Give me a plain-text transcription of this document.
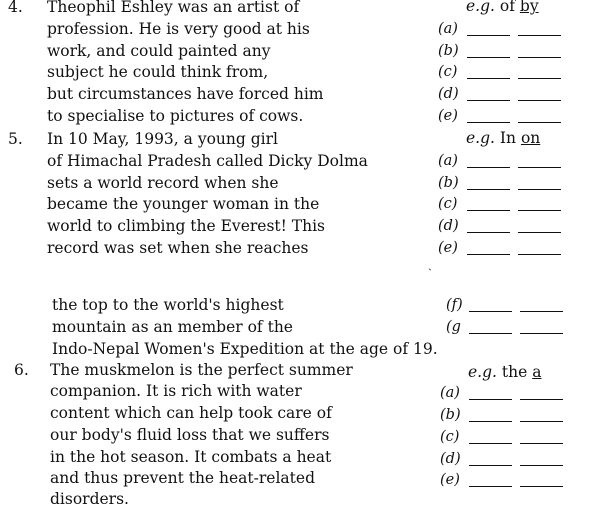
4. Theophil Eshley was an artist of
profession. He is very good at his
work, and could painted any
subject he could think from,
but circumstances have forced him
to specialise to pictures of cows.
e.g. of by
(a)
(b)
(c)
(d)
(e)
5. In 10 May, 1993, a young girl
of Himachal Pradesh called Dicky Dolma
sets a world record when she
became the younger woman in the
world to climbing the Everest! This
record was set when she reaches
e.g. In on
(a)
(b)
(c)
(d)
(e)
ˏ
the top to the world's highest
mountain as an member of the
Indo-Nepal Women's Expedition at the age of 19.
(f)
(g
6. The muskmelon is the perfect summer
companion. It is rich with water
content which can help took care of
our body's fluid loss that we suffers
in the hot season. It combats a heat
and thus prevent the heat-related
disorders.
e.g. the a
(a)
(b)
(c)
(d)
(e)
